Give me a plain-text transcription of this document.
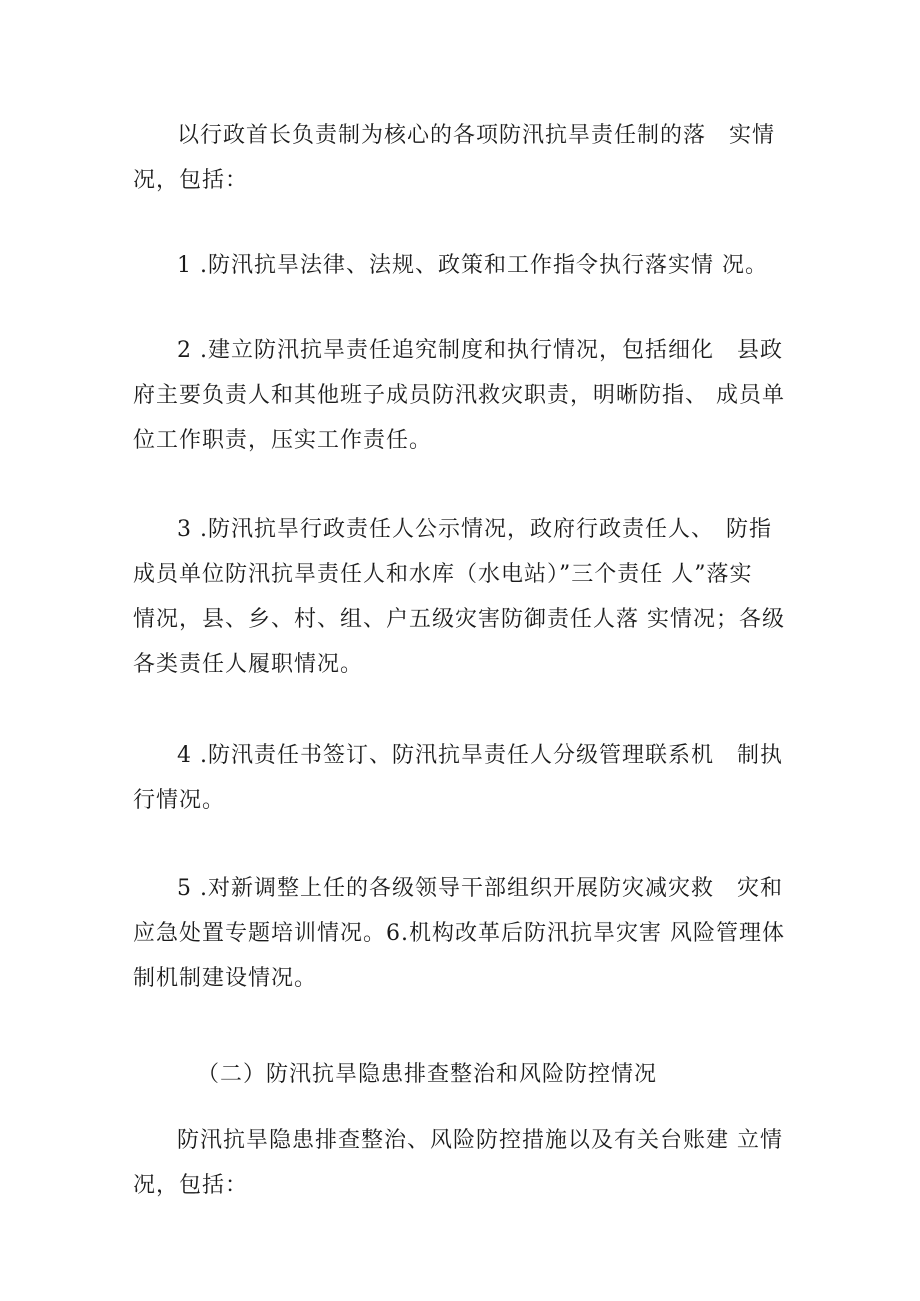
以行政首长负责制为核心的各项防汛抗旱责任制的落　实情
况，包括：

1 .防汛抗旱法律、法规、政策和工作指令执行落实情 况。

2 .建立防汛抗旱责任追究制度和执行情况，包括细化　县政
府主要负责人和其他班子成员防汛救灾职责，明晰防指、 成员单
位工作职责，压实工作责任。

3 .防汛抗旱行政责任人公示情况，政府行政责任人、　防指
成员单位防汛抗旱责任人和水库（水电站）”三个责任 人”落实
情况，县、乡、村、组、户五级灾害防御责任人落 实情况；各级
各类责任人履职情况。

4 .防汛责任书签订、防汛抗旱责任人分级管理联系机　制执
行情况。

5 .对新调整上任的各级领导干部组织开展防灾减灾救　灾和
应急处置专题培训情况。6.机构改革后防汛抗旱灾害 风险管理体
制机制建设情况。

（二）防汛抗旱隐患排查整治和风险防控情况

防汛抗旱隐患排查整治、风险防控措施以及有关台账建 立情
况，包括：
